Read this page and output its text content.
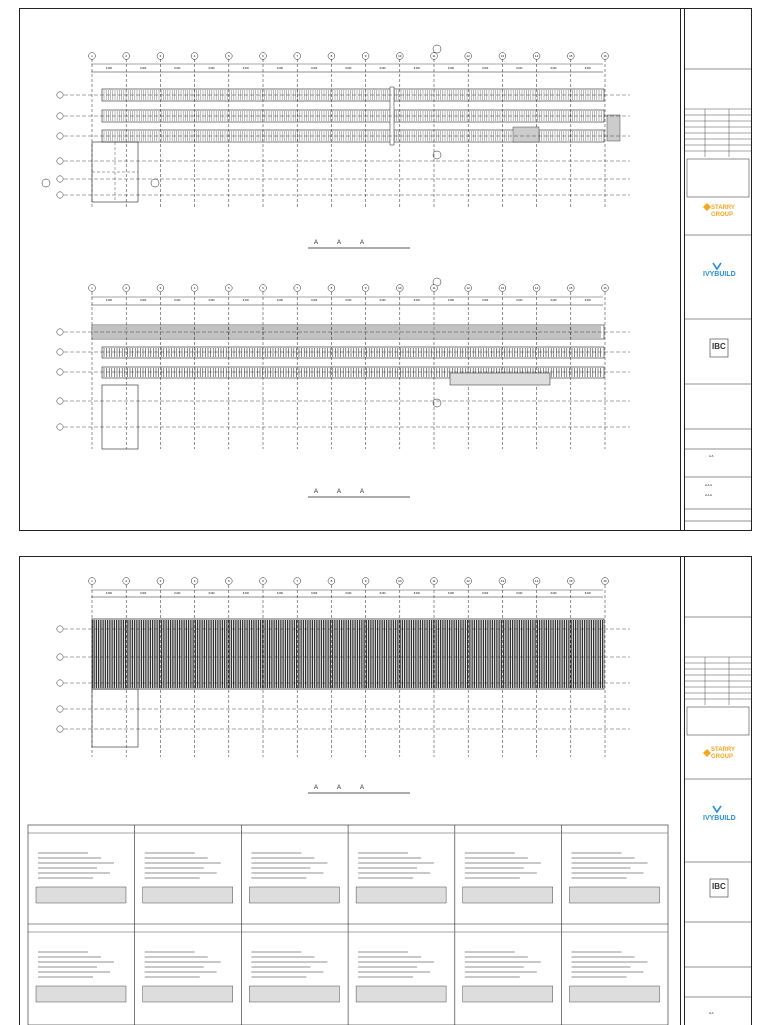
1
8,000
2
8,000
3
8,000
4
8,000
5
8,000
6
8,000
7
8,000
8
8,000
9
8,000
10
8,000
11
8,000
12
8,000
13
8,000
14
8,000
15
8,000
16
1
8,000
2
8,000
3
8,000
4
8,000
5
8,000
6
8,000
7
8,000
8
8,000
9
8,000
10
8,000
11
8,000
12
8,000
13
8,000
14
8,000
15
8,000
16
A A A
A A A
STARRY
GROUP
IVYBUILD
IBC
A A
A A A
A A A
1
8,000
2
8,000
3
8,000
4
8,000
5
8,000
6
8,000
7
8,000
8
8,000
9
8,000
10
8,000
11
8,000
12
8,000
13
8,000
14
8,000
15
8,000
16
A A A
STARRY
GROUP
IVYBUILD
IBC
A A
